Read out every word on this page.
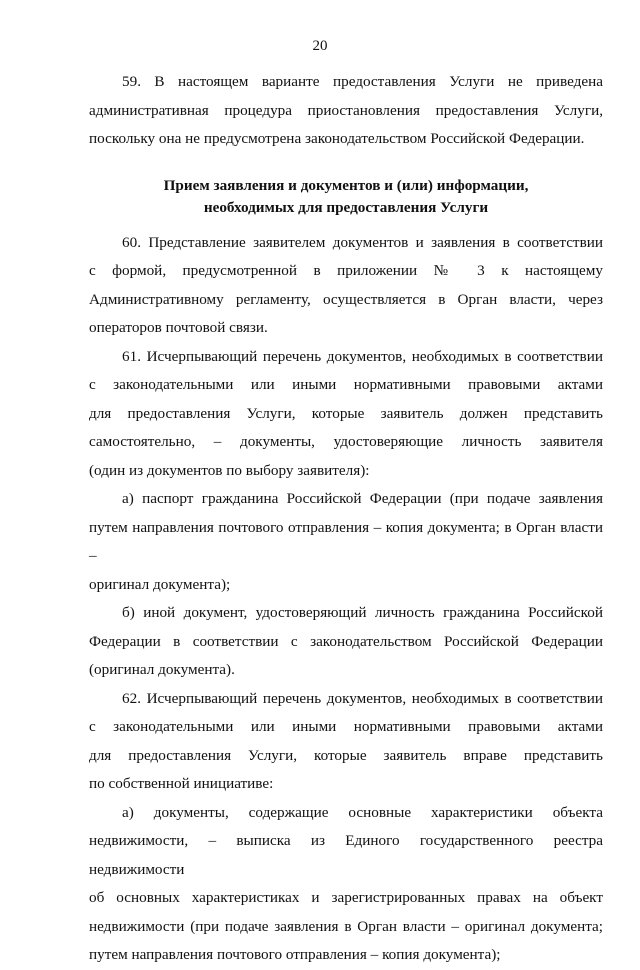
20

59. В настоящем варианте предоставления Услуги не приведена
административная процедура приостановления предоставления Услуги,
поскольку она не предусмотрена законодательством Российской Федерации.

Прием заявления и документов и (или) информации,
необходимых для предоставления Услуги

60. Представление заявителем документов и заявления в соответствии
с формой, предусмотренной в приложении № 3 к настоящему
Административному регламенту, осуществляется в Орган власти, через
операторов почтовой связи.

61. Исчерпывающий перечень документов, необходимых в соответствии
с законодательными или иными нормативными правовыми актами
для предоставления Услуги, которые заявитель должен представить
самостоятельно, – документы, удостоверяющие личность заявителя
(один из документов по выбору заявителя):

а) паспорт гражданина Российской Федерации (при подаче заявления
путем направления почтового отправления – копия документа; в Орган власти –
оригинал документа);

б) иной документ, удостоверяющий личность гражданина Российской
Федерации в соответствии с законодательством Российской Федерации
(оригинал документа).

62. Исчерпывающий перечень документов, необходимых в соответствии
с законодательными или иными нормативными правовыми актами
для предоставления Услуги, которые заявитель вправе представить
по собственной инициативе:

а) документы, содержащие основные характеристики объекта
недвижимости, – выписка из Единого государственного реестра недвижимости
об основных характеристиках и зарегистрированных правах на объект
недвижимости (при подаче заявления в Орган власти – оригинал документа;
путем направления почтового отправления – копия документа);
